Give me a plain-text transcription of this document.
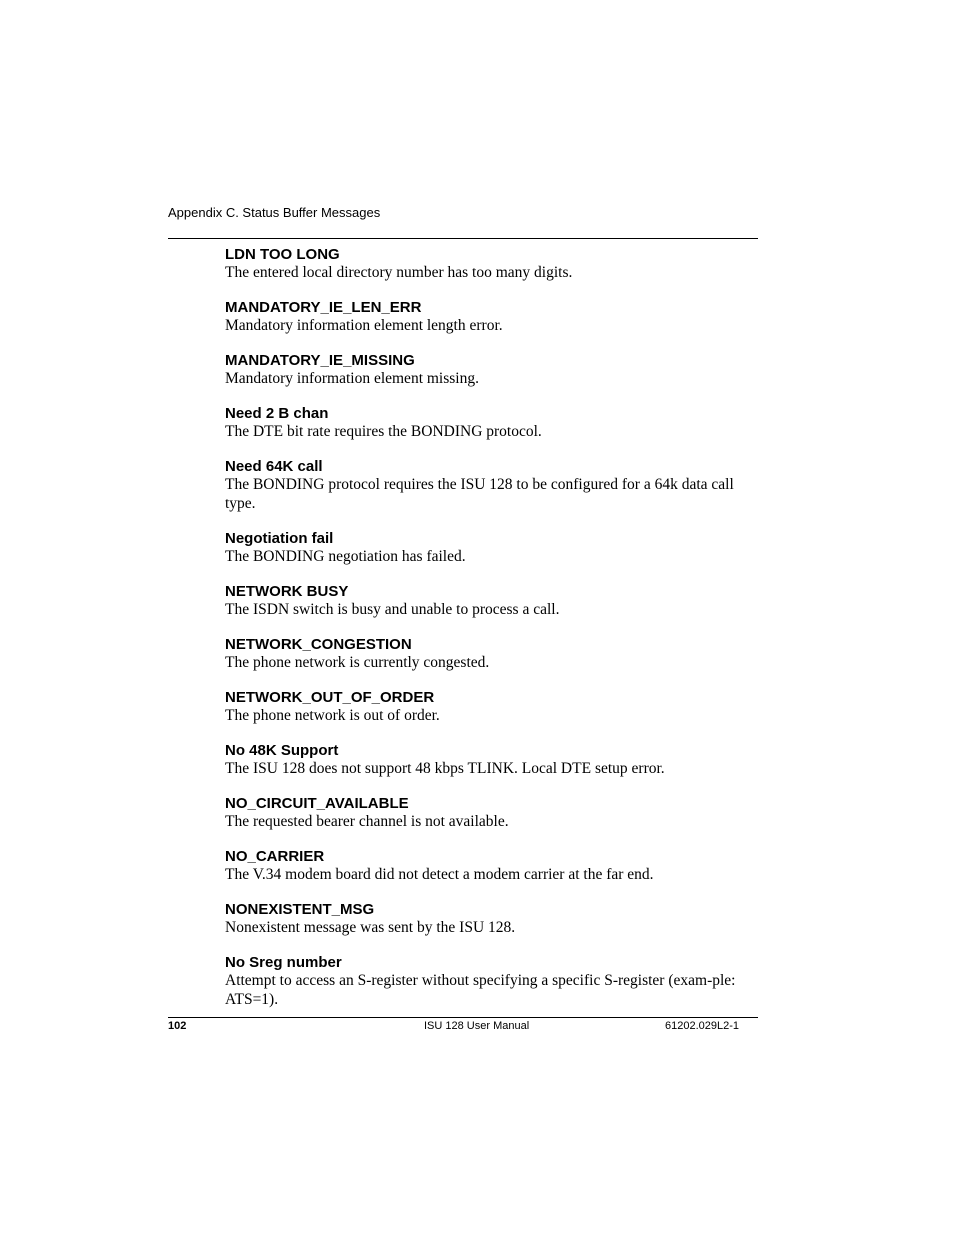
Appendix C. Status Buffer Messages
LDN TOO LONG
The entered local directory number has too many digits.
MANDATORY_IE_LEN_ERR
Mandatory information element length error.
MANDATORY_IE_MISSING
Mandatory information element missing.
Need 2 B chan
The DTE bit rate requires the BONDING protocol.
Need 64K call
The BONDING protocol requires the ISU 128 to be configured for a 64k data call type.
Negotiation fail
The BONDING negotiation has failed.
NETWORK BUSY
The ISDN switch is busy and unable to process a call.
NETWORK_CONGESTION
The phone network is currently congested.
NETWORK_OUT_OF_ORDER
The phone network is out of order.
No 48K Support
The ISU 128 does not support 48 kbps TLINK. Local DTE setup error.
NO_CIRCUIT_AVAILABLE
The requested bearer channel is not available.
NO_CARRIER
The V.34 modem board did not detect a modem carrier at the far end.
NONEXISTENT_MSG
Nonexistent message was sent by the ISU 128.
No Sreg number
Attempt to access an S-register without specifying a specific S-register (exam-ple: ATS=1).
102	ISU 128 User Manual	61202.029L2-1
